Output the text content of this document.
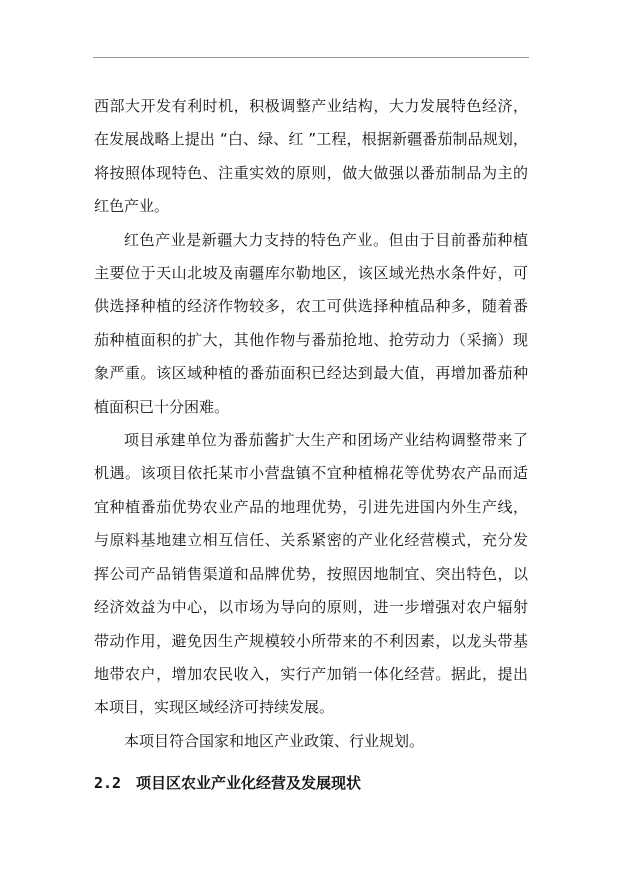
西部大开发有利时机，积极调整产业结构，大力发展特色经济，在发展战略上提出 “白、绿、红 ”工程，根据新疆番茄制品规划，将按照体现特色、注重实效的原则，做大做强以番茄制品为主的红色产业。

红色产业是新疆大力支持的特色产业。但由于目前番茄种植主要位于天山北坡及南疆库尔勒地区，该区域光热水条件好，可供选择种植的经济作物较多，农工可供选择种植品种多，随着番茄种植面积的扩大，其他作物与番茄抢地、抢劳动力（采摘）现象严重。该区域种植的番茄面积已经达到最大值，再增加番茄种植面积已十分困难。

项目承建单位为番茄酱扩大生产和团场产业结构调整带来了机遇。该项目依托某市小营盘镇不宜种植棉花等优势农产品而适宜种植番茄优势农业产品的地理优势，引进先进国内外生产线，与原料基地建立相互信任、关系紧密的产业化经营模式，充分发挥公司产品销售渠道和品牌优势，按照因地制宜、突出特色，以经济效益为中心，以市场为导向的原则，进一步增强对农户辐射带动作用，避免因生产规模较小所带来的不利因素，以龙头带基地带农户，增加农民收入，实行产加销一体化经营。据此，提出本项目，实现区域经济可持续发展。

本项目符合国家和地区产业政策、行业规划。

2.2 项目区农业产业化经营及发展现状
